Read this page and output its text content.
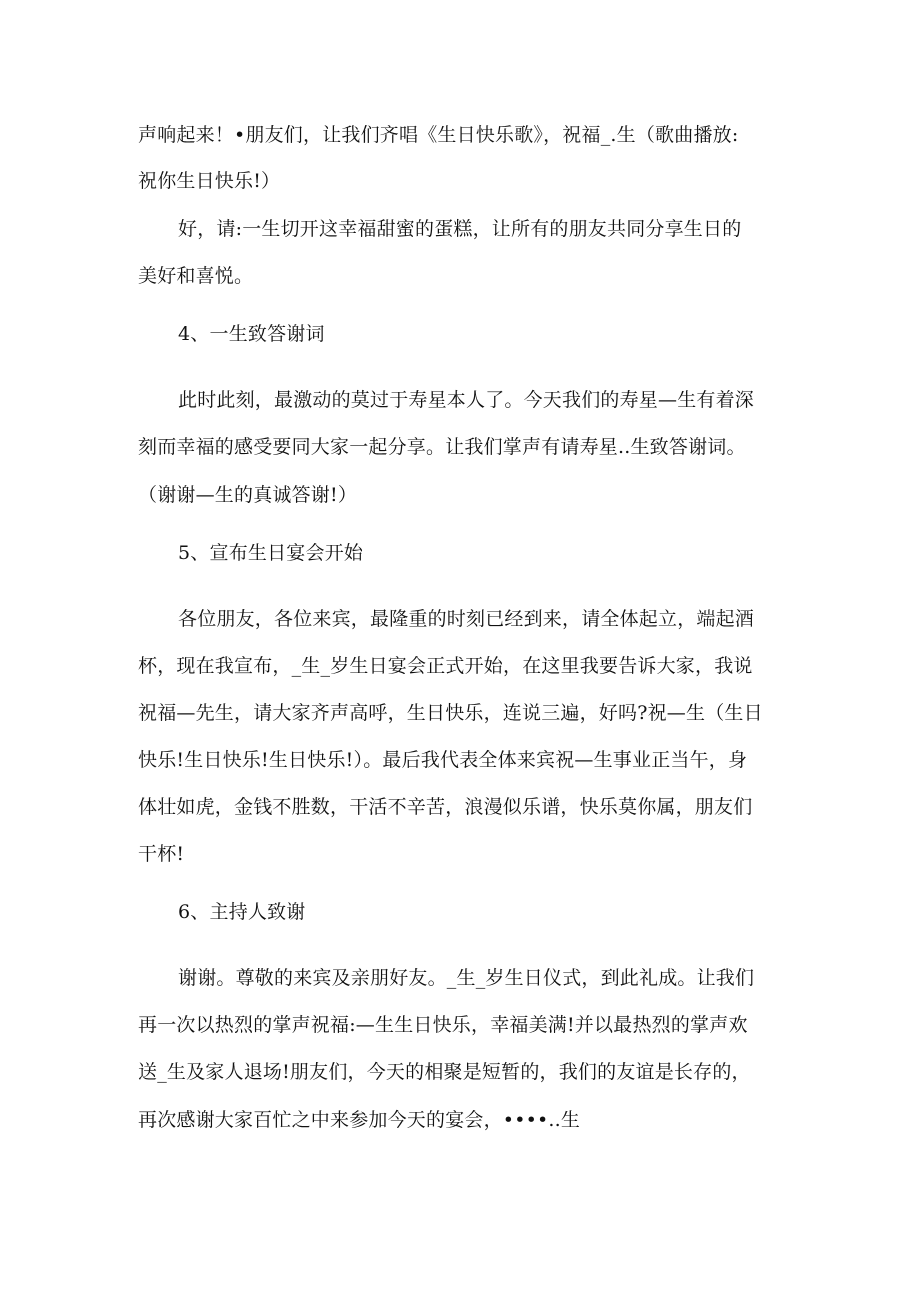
声响起来！•朋友们，让我们齐唱《生日快乐歌》，祝福_.生（歌曲播放:
祝你生日快乐!）
好，请:一生切开这幸福甜蜜的蛋糕，让所有的朋友共同分享生日的
美好和喜悦。
4、一生致答谢词
此时此刻，最激动的莫过于寿星本人了。今天我们的寿星—生有着深
刻而幸福的感受要同大家一起分享。让我们掌声有请寿星..生致答谢词。
（谢谢—生的真诚答谢!）
5、宣布生日宴会开始
各位朋友，各位来宾，最隆重的时刻已经到来，请全体起立，端起酒
杯，现在我宣布，_生_岁生日宴会正式开始，在这里我要告诉大家，我说
祝福—先生，请大家齐声高呼，生日快乐，连说三遍，好吗?祝—生（生日
快乐!生日快乐!生日快乐!）。最后我代表全体来宾祝—生事业正当午，身
体壮如虎，金钱不胜数，干活不辛苦，浪漫似乐谱，快乐莫你属，朋友们
干杯!
6、主持人致谢
谢谢。尊敬的来宾及亲朋好友。_生_岁生日仪式，到此礼成。让我们
再一次以热烈的掌声祝福:—生生日快乐，幸福美满!并以最热烈的掌声欢
送_生及家人退场!朋友们，今天的相聚是短暂的，我们的友谊是长存的，
再次感谢大家百忙之中来参加今天的宴会，••••..生
